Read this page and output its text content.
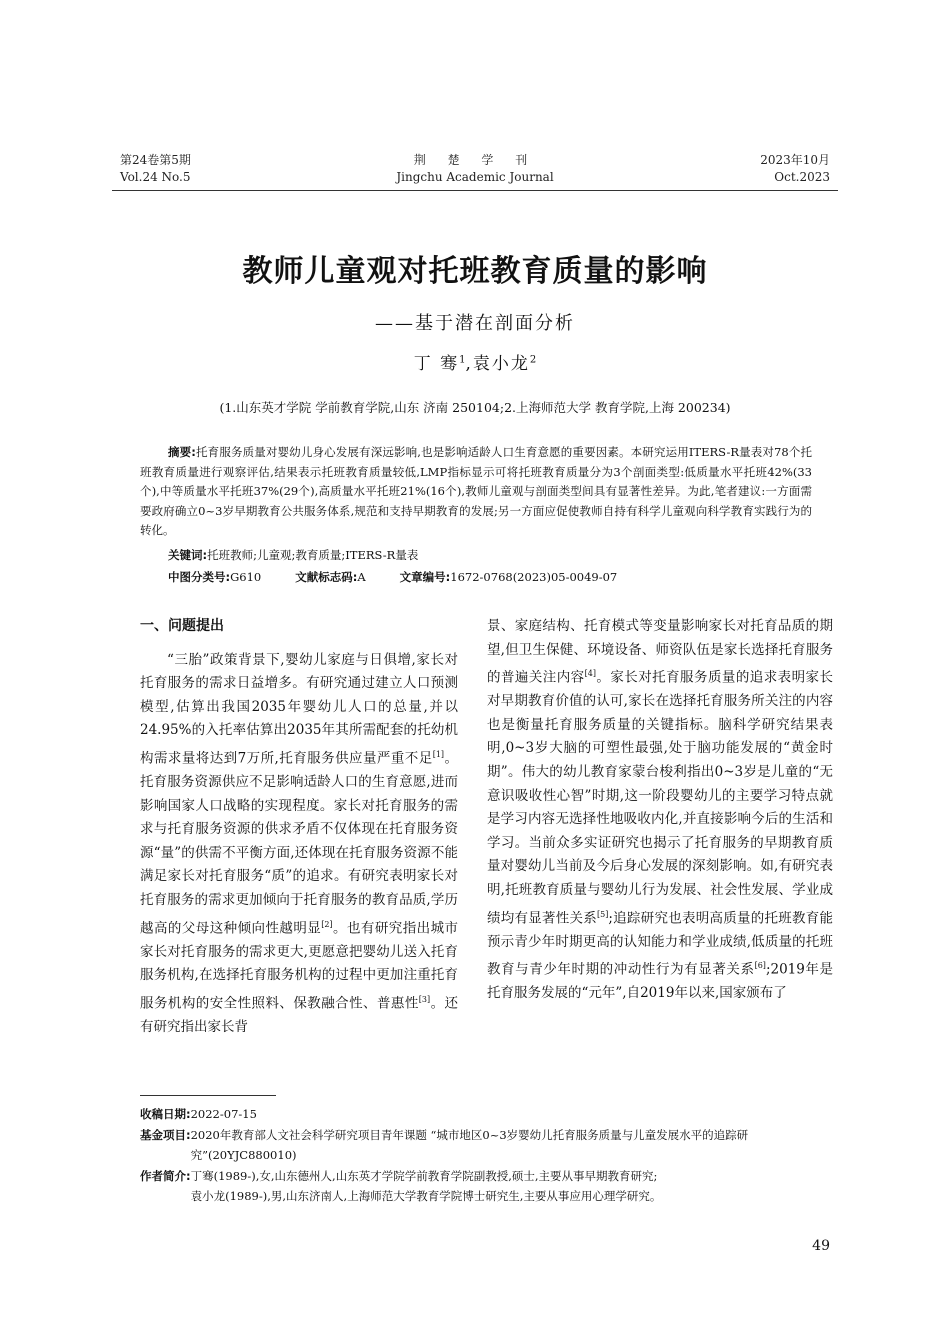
第24卷第5期
Vol.24 No.5
荆 楚 学 刊
Jingchu Academic Journal
2023年10月
Oct.2023
教师儿童观对托班教育质量的影响
——基于潜在剖面分析
丁 骞$^1$,袁小龙$^2$
(1.山东英才学院 学前教育学院,山东 济南 250104;2.上海师范大学 教育学院,上海 200234)
摘要:托育服务质量对婴幼儿身心发展有深远影响,也是影响适龄人口生育意愿的重要因素。本研究运用ITERS-R量表对78个托班教育质量进行观察评估,结果表示托班教育质量较低,LMP指标显示可将托班教育质量分为3个剖面类型:低质量水平托班42%(33个),中等质量水平托班37%(29个),高质量水平托班21%(16个),教师儿童观与剖面类型间具有显著性差异。为此,笔者建议:一方面需要政府确立0~3岁早期教育公共服务体系,规范和支持早期教育的发展;另一方面应促使教师自持有科学儿童观向科学教育实践行为的转化。
关键词:托班教师;儿童观;教育质量;ITERS-R量表
中图分类号:G610	文献标志码:A	文章编号:1672-0768(2023)05-0049-07
一、问题提出

“三胎”政策背景下,婴幼儿家庭与日俱增,家长对托育服务的需求日益增多。有研究通过建立人口预测模型,估算出我国2035年婴幼儿人口的总量,并以24.95%的入托率估算出2035年其所需配套的托幼机构需求量将达到7万所,托育服务供应量严重不足[1]。托育服务资源供应不足影响适龄人口的生育意愿,进而影响国家人口战略的实现程度。家长对托育服务的需求与托育服务资源的供求矛盾不仅体现在托育服务资源“量”的供需不平衡方面,还体现在托育服务资源不能满足家长对托育服务“质”的追求。有研究表明家长对托育服务的需求更加倾向于托育服务的教育品质,学历越高的父母这种倾向性越明显[2]。也有研究指出城市家长对托育服务的需求更大,更愿意把婴幼儿送入托育服务机构,在选择托育服务机构的过程中更加注重托育服务机构的安全性照料、保教融合性、普惠性[3]。还有研究指出家长背

景、家庭结构、托育模式等变量影响家长对托育品质的期望,但卫生保健、环境设备、师资队伍是家长选择托育服务的普遍关注内容[4]。家长对托育服务质量的追求表明家长对早期教育价值的认可,家长在选择托育服务所关注的内容也是衡量托育服务质量的关键指标。脑科学研究结果表明,0~3岁大脑的可塑性最强,处于脑功能发展的“黄金时期”。伟大的幼儿教育家蒙台梭利指出0~3岁是儿童的“无意识吸收性心智”时期,这一阶段婴幼儿的主要学习特点就是学习内容无选择性地吸收内化,并直接影响今后的生活和学习。当前众多实证研究也揭示了托育服务的早期教育质量对婴幼儿当前及今后身心发展的深刻影响。如,有研究表明,托班教育质量与婴幼儿行为发展、社会性发展、学业成绩均有显著性关系[5];追踪研究也表明高质量的托班教育能预示青少年时期更高的认知能力和学业成绩,低质量的托班教育与青少年时期的冲动性行为有显著关系[6];2019年是托育服务发展的“元年”,自2019年以来,国家颁布了

收稿日期: 2022-07-15
基金项目: 2020年教育部人文社会科学研究项目青年课题 “城市地区0~3岁婴幼儿托育服务质量与儿童发展水平的追踪研究”(20YJC880010)
作者简介: 丁骞(1989-),女,山东德州人,山东英才学院学前教育学院副教授,硕士,主要从事早期教育研究;
袁小龙(1989-),男,山东济南人,上海师范大学教育学院博士研究生,主要从事应用心理学研究。
49
